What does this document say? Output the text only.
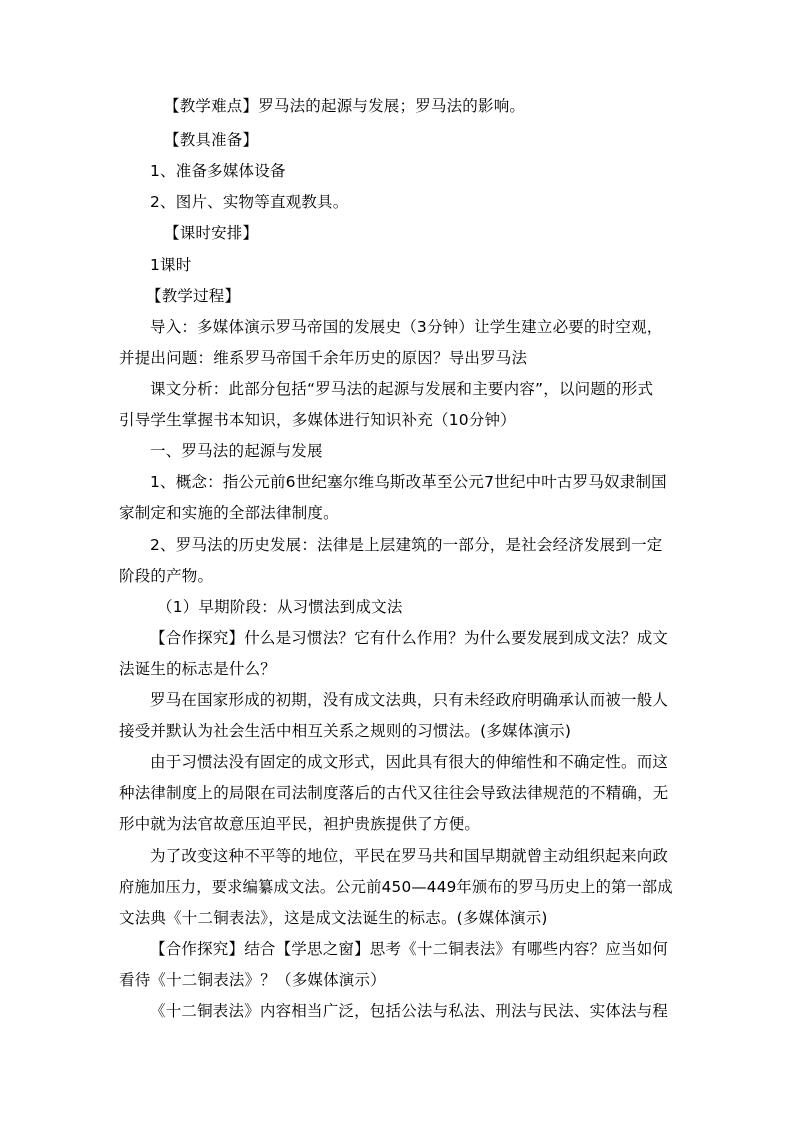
【教学难点】罗马法的起源与发展；罗马法的影响。
【教具准备】
1、准备多媒体设备
2、图片、实物等直观教具。
【课时安排】
1课时
【教学过程】
导入：多媒体演示罗马帝国的发展史（3分钟）让学生建立必要的时空观，
并提出问题：维系罗马帝国千余年历史的原因？导出罗马法
课文分析：此部分包括“罗马法的起源与发展和主要内容”，以问题的形式
引导学生掌握书本知识，多媒体进行知识补充（10分钟）
一、罗马法的起源与发展
1、概念：指公元前6世纪塞尔维乌斯改革至公元7世纪中叶古罗马奴隶制国
家制定和实施的全部法律制度。
2、罗马法的历史发展：法律是上层建筑的一部分，是社会经济发展到一定
阶段的产物。
（1）早期阶段：从习惯法到成文法
【合作探究】什么是习惯法？它有什么作用？为什么要发展到成文法？成文
法诞生的标志是什么？
罗马在国家形成的初期，没有成文法典，只有未经政府明确承认而被一般人
接受并默认为社会生活中相互关系之规则的习惯法。(多媒体演示)
由于习惯法没有固定的成文形式，因此具有很大的伸缩性和不确定性。而这
种法律制度上的局限在司法制度落后的古代又往往会导致法律规范的不精确，无
形中就为法官故意压迫平民，袒护贵族提供了方便。
为了改变这种不平等的地位，平民在罗马共和国早期就曾主动组织起来向政
府施加压力，要求编纂成文法。公元前450—449年颁布的罗马历史上的第一部成
文法典《十二铜表法》，这是成文法诞生的标志。(多媒体演示)
【合作探究】结合【学思之窗】思考《十二铜表法》有哪些内容？应当如何
看待《十二铜表法》？（多媒体演示）
《十二铜表法》内容相当广泛，包括公法与私法、刑法与民法、实体法与程
